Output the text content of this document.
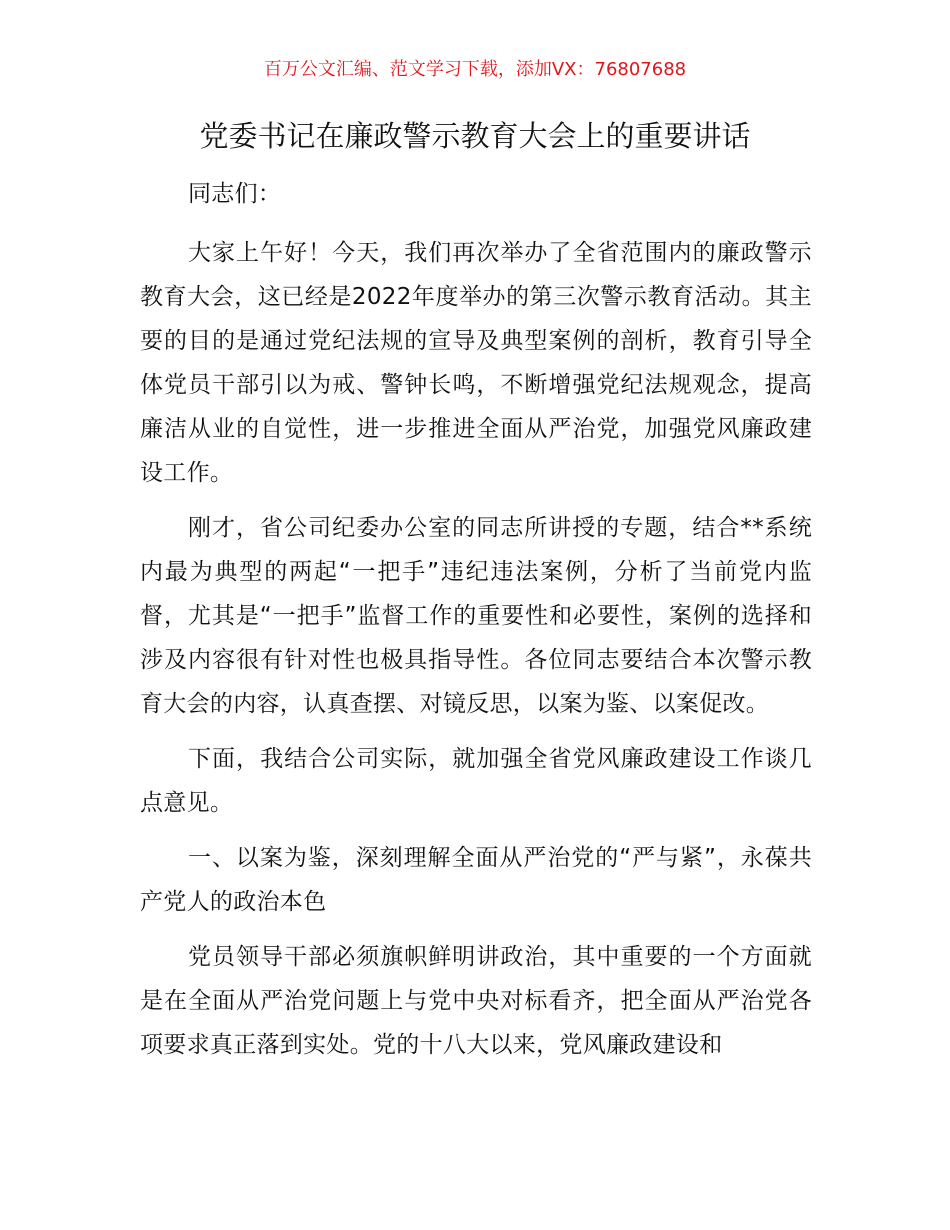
百万公文汇编、范文学习下载，添加VX：76807688
党委书记在廉政警示教育大会上的重要讲话

同志们：

大家上午好！今天，我们再次举办了全省范围内的廉政警示教育大会，这已经是2022年度举办的第三次警示教育活动。其主要的目的是通过党纪法规的宣导及典型案例的剖析，教育引导全体党员干部引以为戒、警钟长鸣，不断增强党纪法规观念，提高廉洁从业的自觉性，进一步推进全面从严治党，加强党风廉政建设工作。

刚才，省公司纪委办公室的同志所讲授的专题，结合**系统内最为典型的两起“一把手”违纪违法案例，分析了当前党内监督，尤其是“一把手”监督工作的重要性和必要性，案例的选择和涉及内容很有针对性也极具指导性。各位同志要结合本次警示教育大会的内容，认真查摆、对镜反思，以案为鉴、以案促改。

下面，我结合公司实际，就加强全省党风廉政建设工作谈几点意见。

一、以案为鉴，深刻理解全面从严治党的“严与紧”，永葆共产党人的政治本色

党员领导干部必须旗帜鲜明讲政治，其中重要的一个方面就是在全面从严治党问题上与党中央对标看齐，把全面从严治党各项要求真正落到实处。党的十八大以来，党风廉政建设和
